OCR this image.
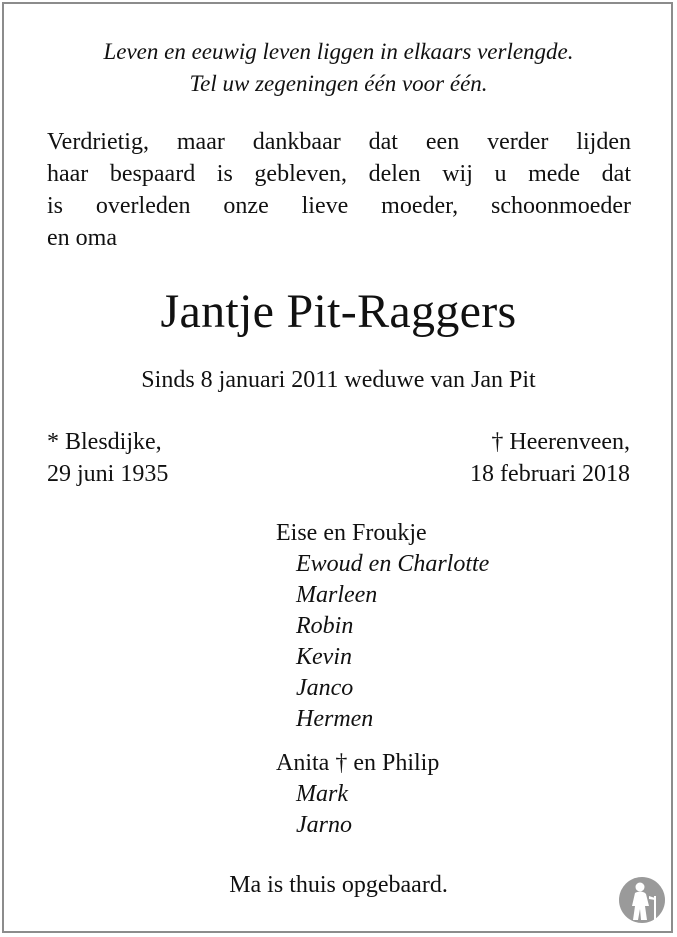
Leven en eeuwig leven liggen in elkaars verlengde.
Tel uw zegeningen één voor één.
Verdrietig, maar dankbaar dat een verder lijden
haar bespaard is gebleven, delen wij u mede dat
is overleden onze lieve moeder, schoonmoeder
en oma
Jantje Pit-Raggers
Sinds 8 januari 2011 weduwe van Jan Pit
* Blesdijke,
29 juni 1935
† Heerenveen,
18 februari 2018
Eise en Froukje
Ewoud en Charlotte
Marleen
Robin
Kevin
Janco
Hermen
Anita † en Philip
Mark
Jarno
Ma is thuis opgebaard.
